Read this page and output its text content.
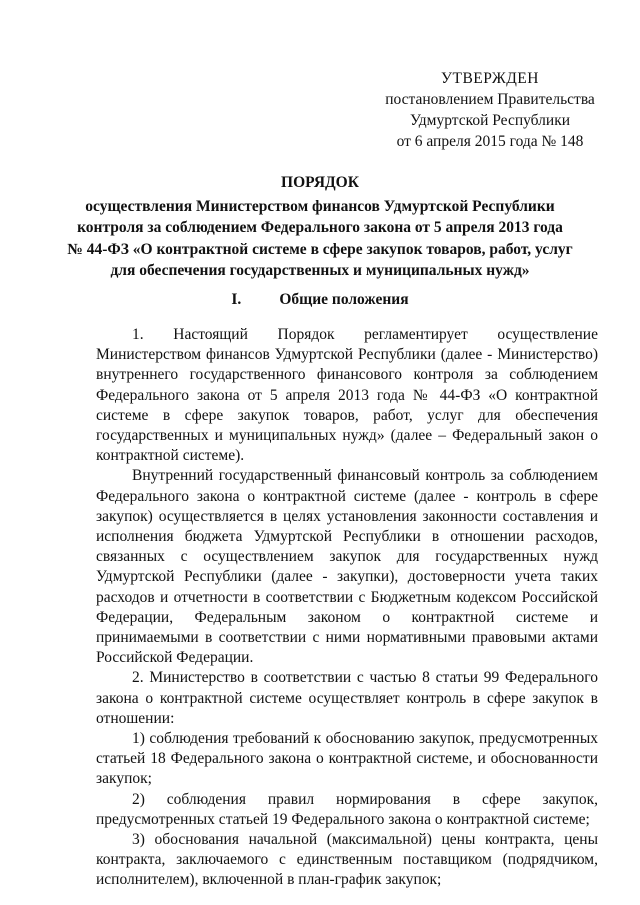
УТВЕРЖДЕН
постановлением Правительства
Удмуртской Республики
от 6 апреля 2015 года № 148
ПОРЯДОК
осуществления Министерством финансов Удмуртской Республики
контроля за соблюдением Федерального закона от 5 апреля 2013 года
№ 44-ФЗ «О контрактной системе в сфере закупок товаров, работ, услуг
для обеспечения государственных и муниципальных нужд»
I. Общие положения

1. Настоящий Порядок регламентирует осуществление Министерством финансов Удмуртской Республики (далее - Министерство) внутреннего государственного финансового контроля за соблюдением Федерального закона от 5 апреля 2013 года № 44-ФЗ «О контрактной системе в сфере закупок товаров, работ, услуг для обеспечения государственных и муниципальных нужд» (далее – Федеральный закон о контрактной системе).

Внутренний государственный финансовый контроль за соблюдением Федерального закона о контрактной системе (далее - контроль в сфере закупок) осуществляется в целях установления законности составления и исполнения бюджета Удмуртской Республики в отношении расходов, связанных с осуществлением закупок для государственных нужд Удмуртской Республики (далее - закупки), достоверности учета таких расходов и отчетности в соответствии с Бюджетным кодексом Российской Федерации, Федеральным законом о контрактной системе и принимаемыми в соответствии с ними нормативными правовыми актами Российской Федерации.

2. Министерство в соответствии с частью 8 статьи 99 Федерального закона о контрактной системе осуществляет контроль в сфере закупок в отношении:

1) соблюдения требований к обоснованию закупок, предусмотренных статьей 18 Федерального закона о контрактной системе, и обоснованности закупок;

2) соблюдения правил нормирования в сфере закупок, предусмотренных статьей 19 Федерального закона о контрактной системе;

3) обоснования начальной (максимальной) цены контракта, цены контракта, заключаемого с единственным поставщиком (подрядчиком, исполнителем), включенной в план-график закупок;
